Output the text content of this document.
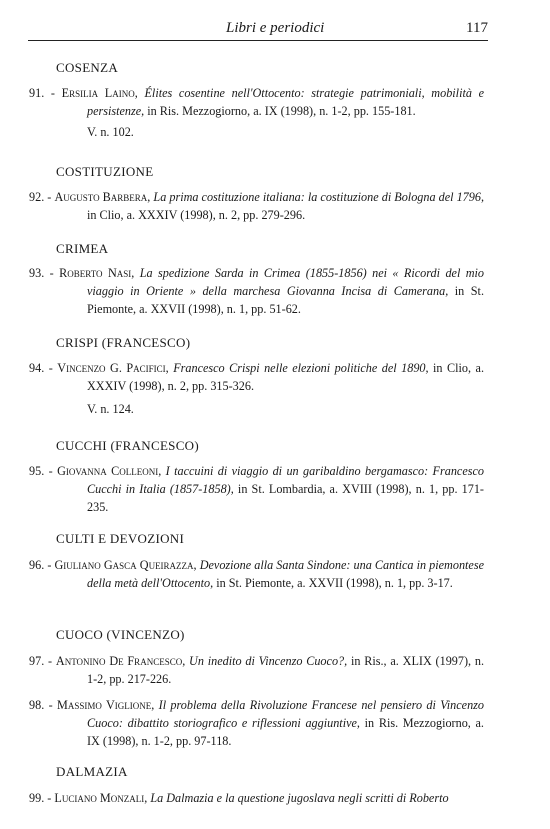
Libri e periodici	117
COSENZA
91. - Ersilia Laino, Élites cosentine nell'Ottocento: strategie patrimoniali, mobilità e persistenze, in Ris. Mezzogiorno, a. IX (1998), n. 1-2, pp. 155-181.
V. n. 102.
COSTITUZIONE
92. - Augusto Barbera, La prima costituzione italiana: la costituzione di Bologna del 1796, in Clio, a. XXXIV (1998), n. 2, pp. 279-296.
CRIMEA
93. - Roberto Nasi, La spedizione Sarda in Crimea (1855-1856) nei « Ricordi del mio viaggio in Oriente » della marchesa Giovanna Incisa di Camerana, in St. Piemonte, a. XXVII (1998), n. 1, pp. 51-62.
CRISPI (FRANCESCO)
94. - Vincenzo G. Pacifici, Francesco Crispi nelle elezioni politiche del 1890, in Clio, a. XXXIV (1998), n. 2, pp. 315-326.
V. n. 124.
CUCCHI (FRANCESCO)
95. - Giovanna Colleoni, I taccuini di viaggio di un garibaldino bergamasco: Francesco Cucchi in Italia (1857-1858), in St. Lombardia, a. XVIII (1998), n. 1, pp. 171-235.
CULTI E DEVOZIONI
96. - Giuliano Gasca Queirazza, Devozione alla Santa Sindone: una Cantica in piemontese della metà dell'Ottocento, in St. Piemonte, a. XXVII (1998), n. 1, pp. 3-17.
CUOCO (VINCENZO)
97. - Antonino De Francesco, Un inedito di Vincenzo Cuoco?, in Ris., a. XLIX (1997), n. 1-2, pp. 217-226.
98. - Massimo Viglione, Il problema della Rivoluzione Francese nel pensiero di Vincenzo Cuoco: dibattito storiografico e riflessioni aggiuntive, in Ris. Mezzogiorno, a. IX (1998), n. 1-2, pp. 97-118.
DALMAZIA
99. - Luciano Monzali, La Dalmazia e la questione jugoslava negli scritti di Roberto
